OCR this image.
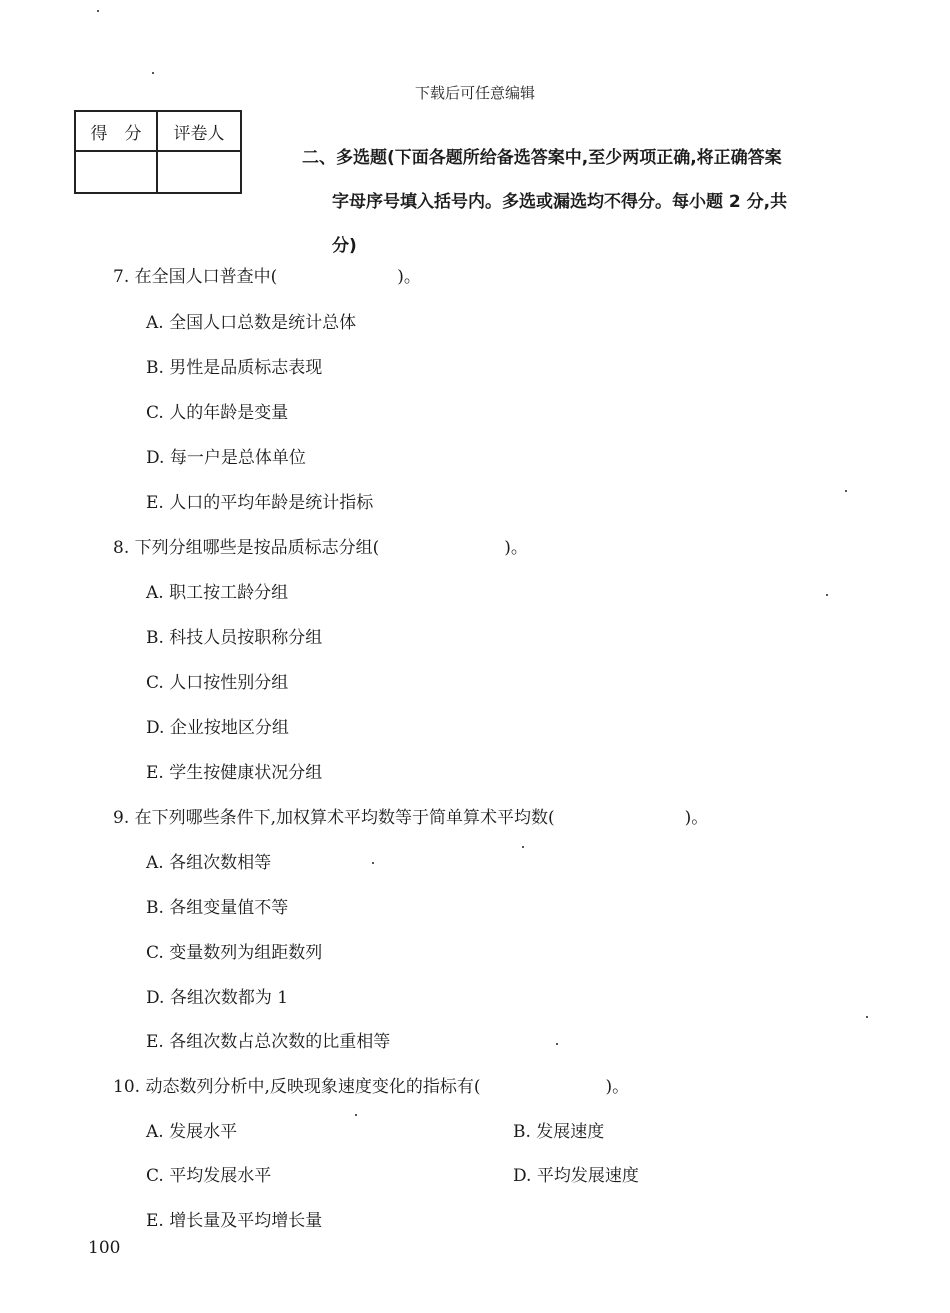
下载后可任意编辑
得　分	评卷人

二、多选题(下面各题所给备选答案中,至少两项正确,将正确答案
字母序号填入括号内。多选或漏选均不得分。每小题 2 分,共
分)
7. 在全国人口普查中(	)。
A. 全国人口总数是统计总体
B. 男性是品质标志表现
C. 人的年龄是变量
D. 每一户是总体单位
E. 人口的平均年龄是统计指标
8. 下列分组哪些是按品质标志分组(	)。
A. 职工按工龄分组
B. 科技人员按职称分组
C. 人口按性别分组
D. 企业按地区分组
E. 学生按健康状况分组
9. 在下列哪些条件下,加权算术平均数等于简单算术平均数(	)。
A. 各组次数相等
B. 各组变量值不等
C. 变量数列为组距数列
D. 各组次数都为 1
E. 各组次数占总次数的比重相等
10. 动态数列分析中,反映现象速度变化的指标有(	)。
A. 发展水平	B. 发展速度
C. 平均发展水平	D. 平均发展速度
E. 增长量及平均增长量
100
